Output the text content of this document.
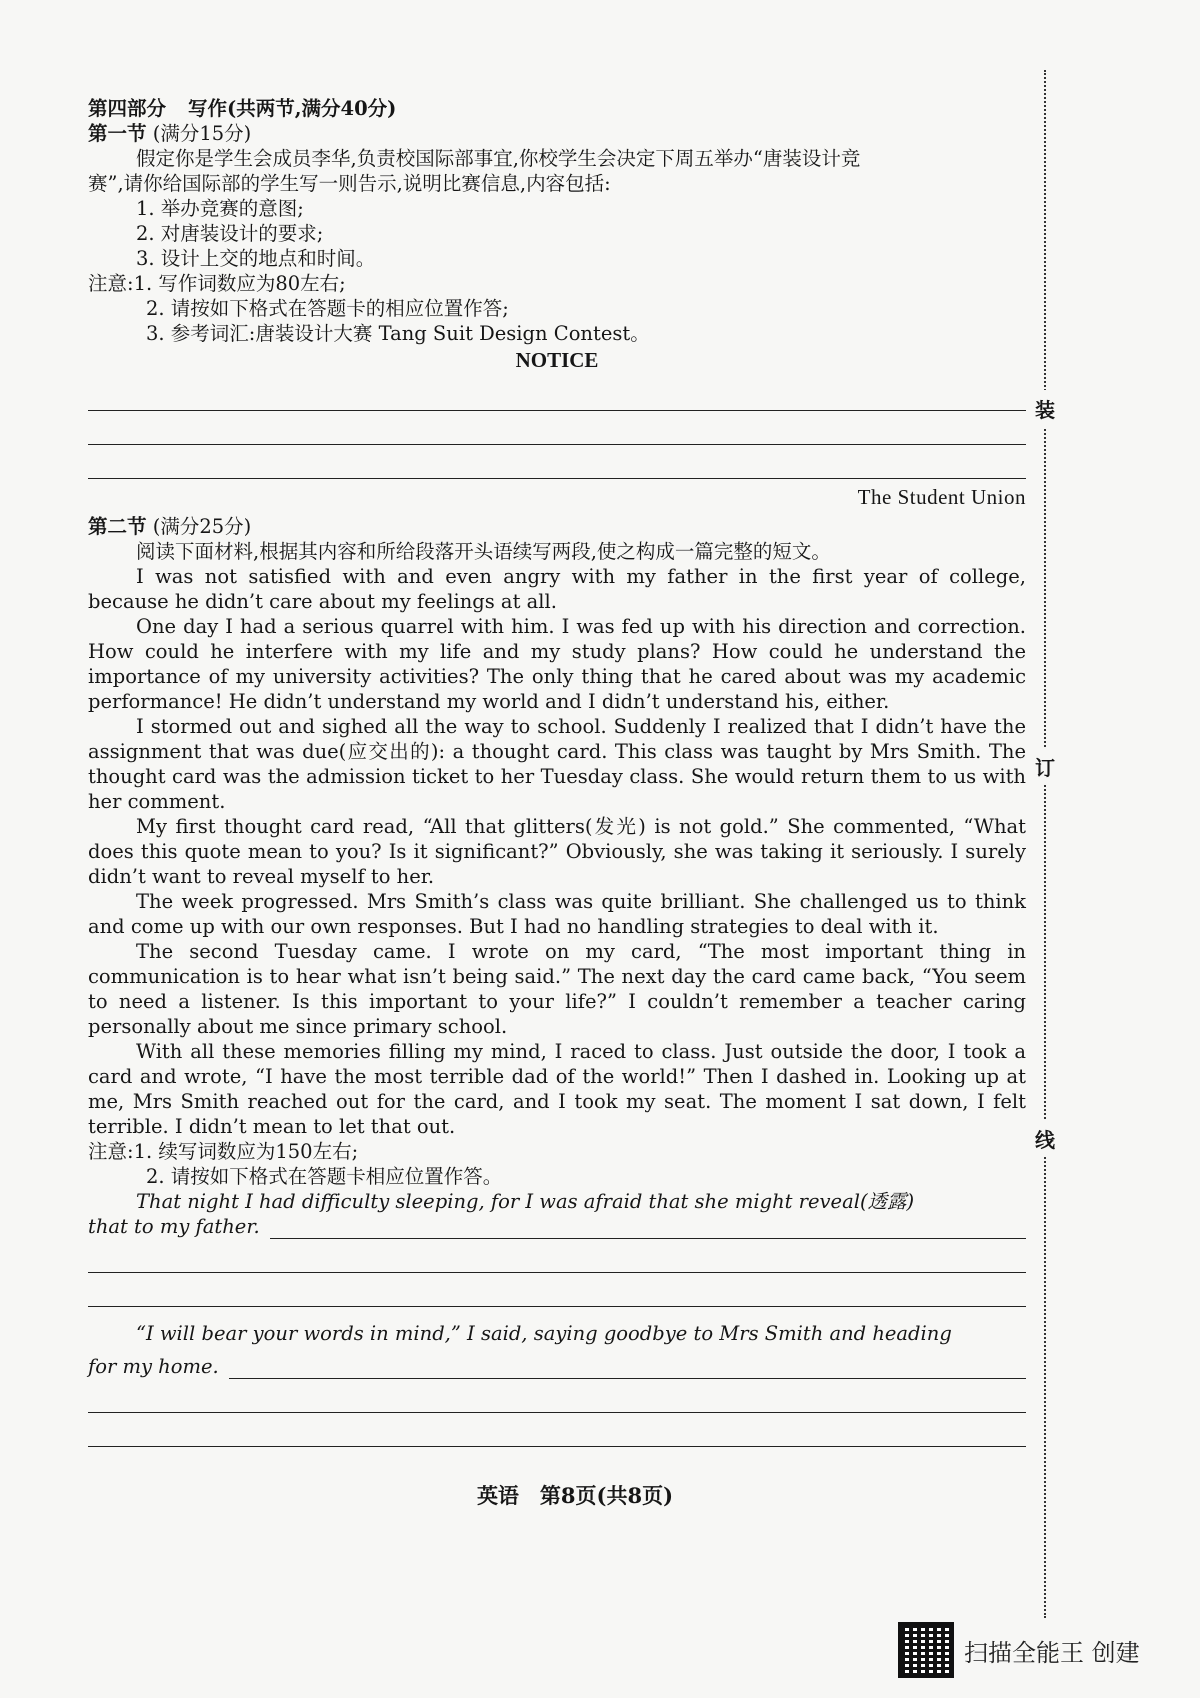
第四部分 写作(共两节,满分40分)
第一节 (满分15分)
假定你是学生会成员李华,负责校国际部事宜,你校学生会决定下周五举办“唐装设计竞
赛”,请你给国际部的学生写一则告示,说明比赛信息,内容包括:
1. 举办竞赛的意图;
2. 对唐装设计的要求;
3. 设计上交的地点和时间。
注意:1. 写作词数应为80左右;
2. 请按如下格式在答题卡的相应位置作答;
3. 参考词汇:唐装设计大赛 Tang Suit Design Contest。
NOTICE
The Student Union
第二节 (满分25分)
阅读下面材料,根据其内容和所给段落开头语续写两段,使之构成一篇完整的短文。

I was not satisfied with and even angry with my father in the first year of college, because he didn’t care about my feelings at all.

One day I had a serious quarrel with him. I was fed up with his direction and correction. How could he interfere with my life and my study plans? How could he understand the importance of my university activities? The only thing that he cared about was my academic performance! He didn’t understand my world and I didn’t understand his, either.

I stormed out and sighed all the way to school. Suddenly I realized that I didn’t have the assignment that was due(应交出的): a thought card. This class was taught by Mrs Smith. The thought card was the admission ticket to her Tuesday class. She would return them to us with her comment.

My first thought card read, “All that glitters(发光) is not gold.” She commented, “What does this quote mean to you? Is it significant?” Obviously, she was taking it seriously. I surely didn’t want to reveal myself to her.

The week progressed. Mrs Smith’s class was quite brilliant. She challenged us to think and come up with our own responses. But I had no handling strategies to deal with it.

The second Tuesday came. I wrote on my card, “The most important thing in communication is to hear what isn’t being said.” The next day the card came back, “You seem to need a listener. Is this important to your life?” I couldn’t remember a teacher caring personally about me since primary school.

With all these memories filling my mind, I raced to class. Just outside the door, I took a card and wrote, “I have the most terrible dad of the world!” Then I dashed in. Looking up at me, Mrs Smith reached out for the card, and I took my seat. The moment I sat down, I felt terrible. I didn’t mean to let that out.

注意:1. 续写词数应为150左右;
2. 请按如下格式在答题卡相应位置作答。
That night I had difficulty sleeping, for I was afraid that she might reveal(透露)
that to my father.
“I will bear your words in mind,” I said, saying goodbye to Mrs Smith and heading
for my home.
英语　第8页(共8页)
装
订
线
扫描全能王 创建
